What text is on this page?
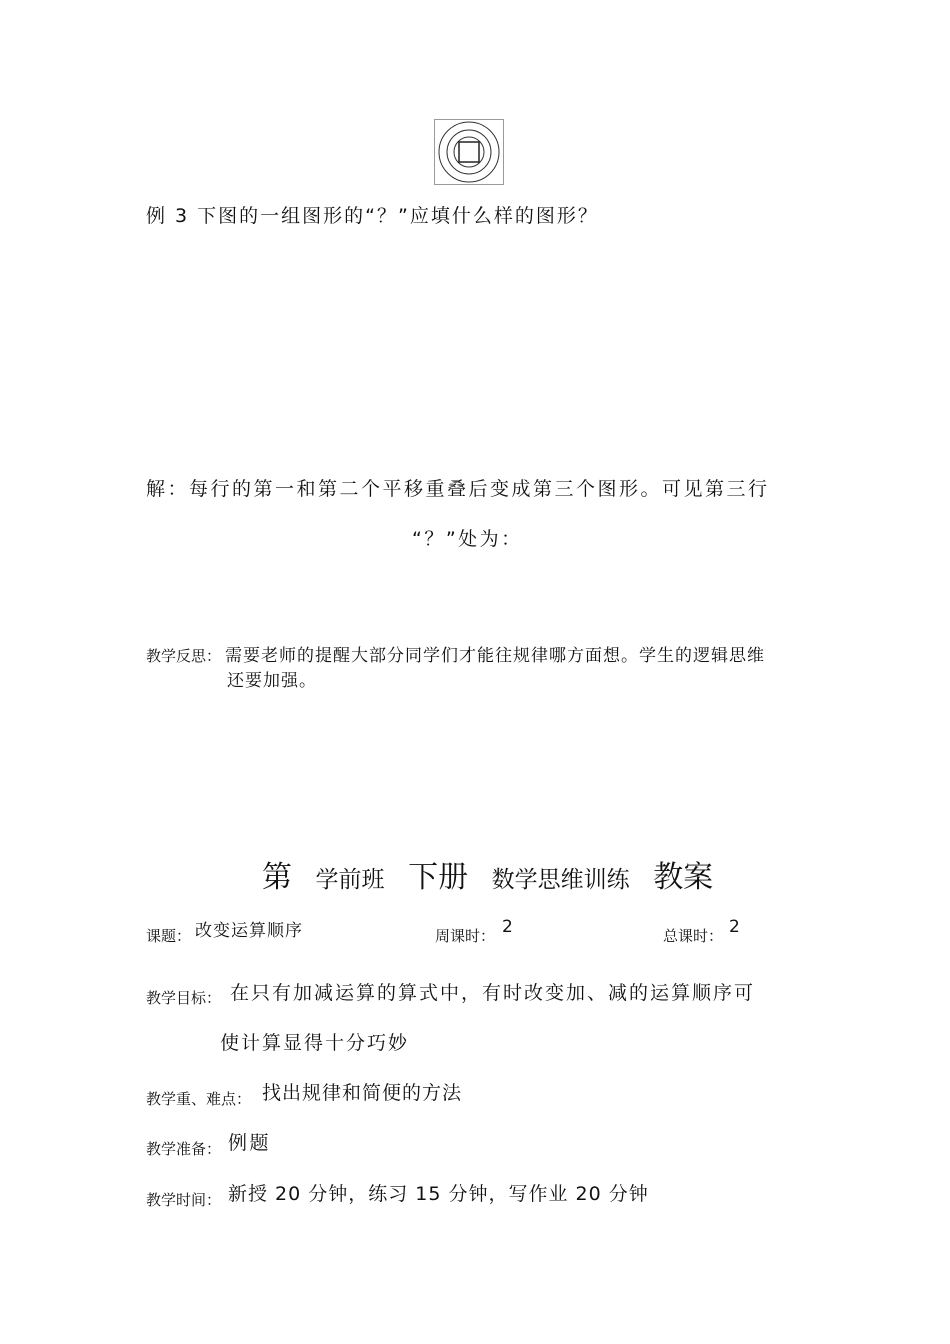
例 3 下图的一组图形的“？”应填什么样的图形？
解：每行的第一和第二个平移重叠后变成第三个图形。可见第三行
“？”处为：
教学反思： 需要老师的提醒大部分同学们才能往规律哪方面想。学生的逻辑思维
还要加强。
第 学前班 下册 数学思维训练 教案
课题： 改变运算顺序	周课时： 2	总课时： 2
教学目标： 在只有加减运算的算式中，有时改变加、减的运算顺序可
使计算显得十分巧妙
教学重、难点： 找出规律和简便的方法
教学准备： 例题
教学时间： 新授 20 分钟，练习 15 分钟，写作业 20 分钟
